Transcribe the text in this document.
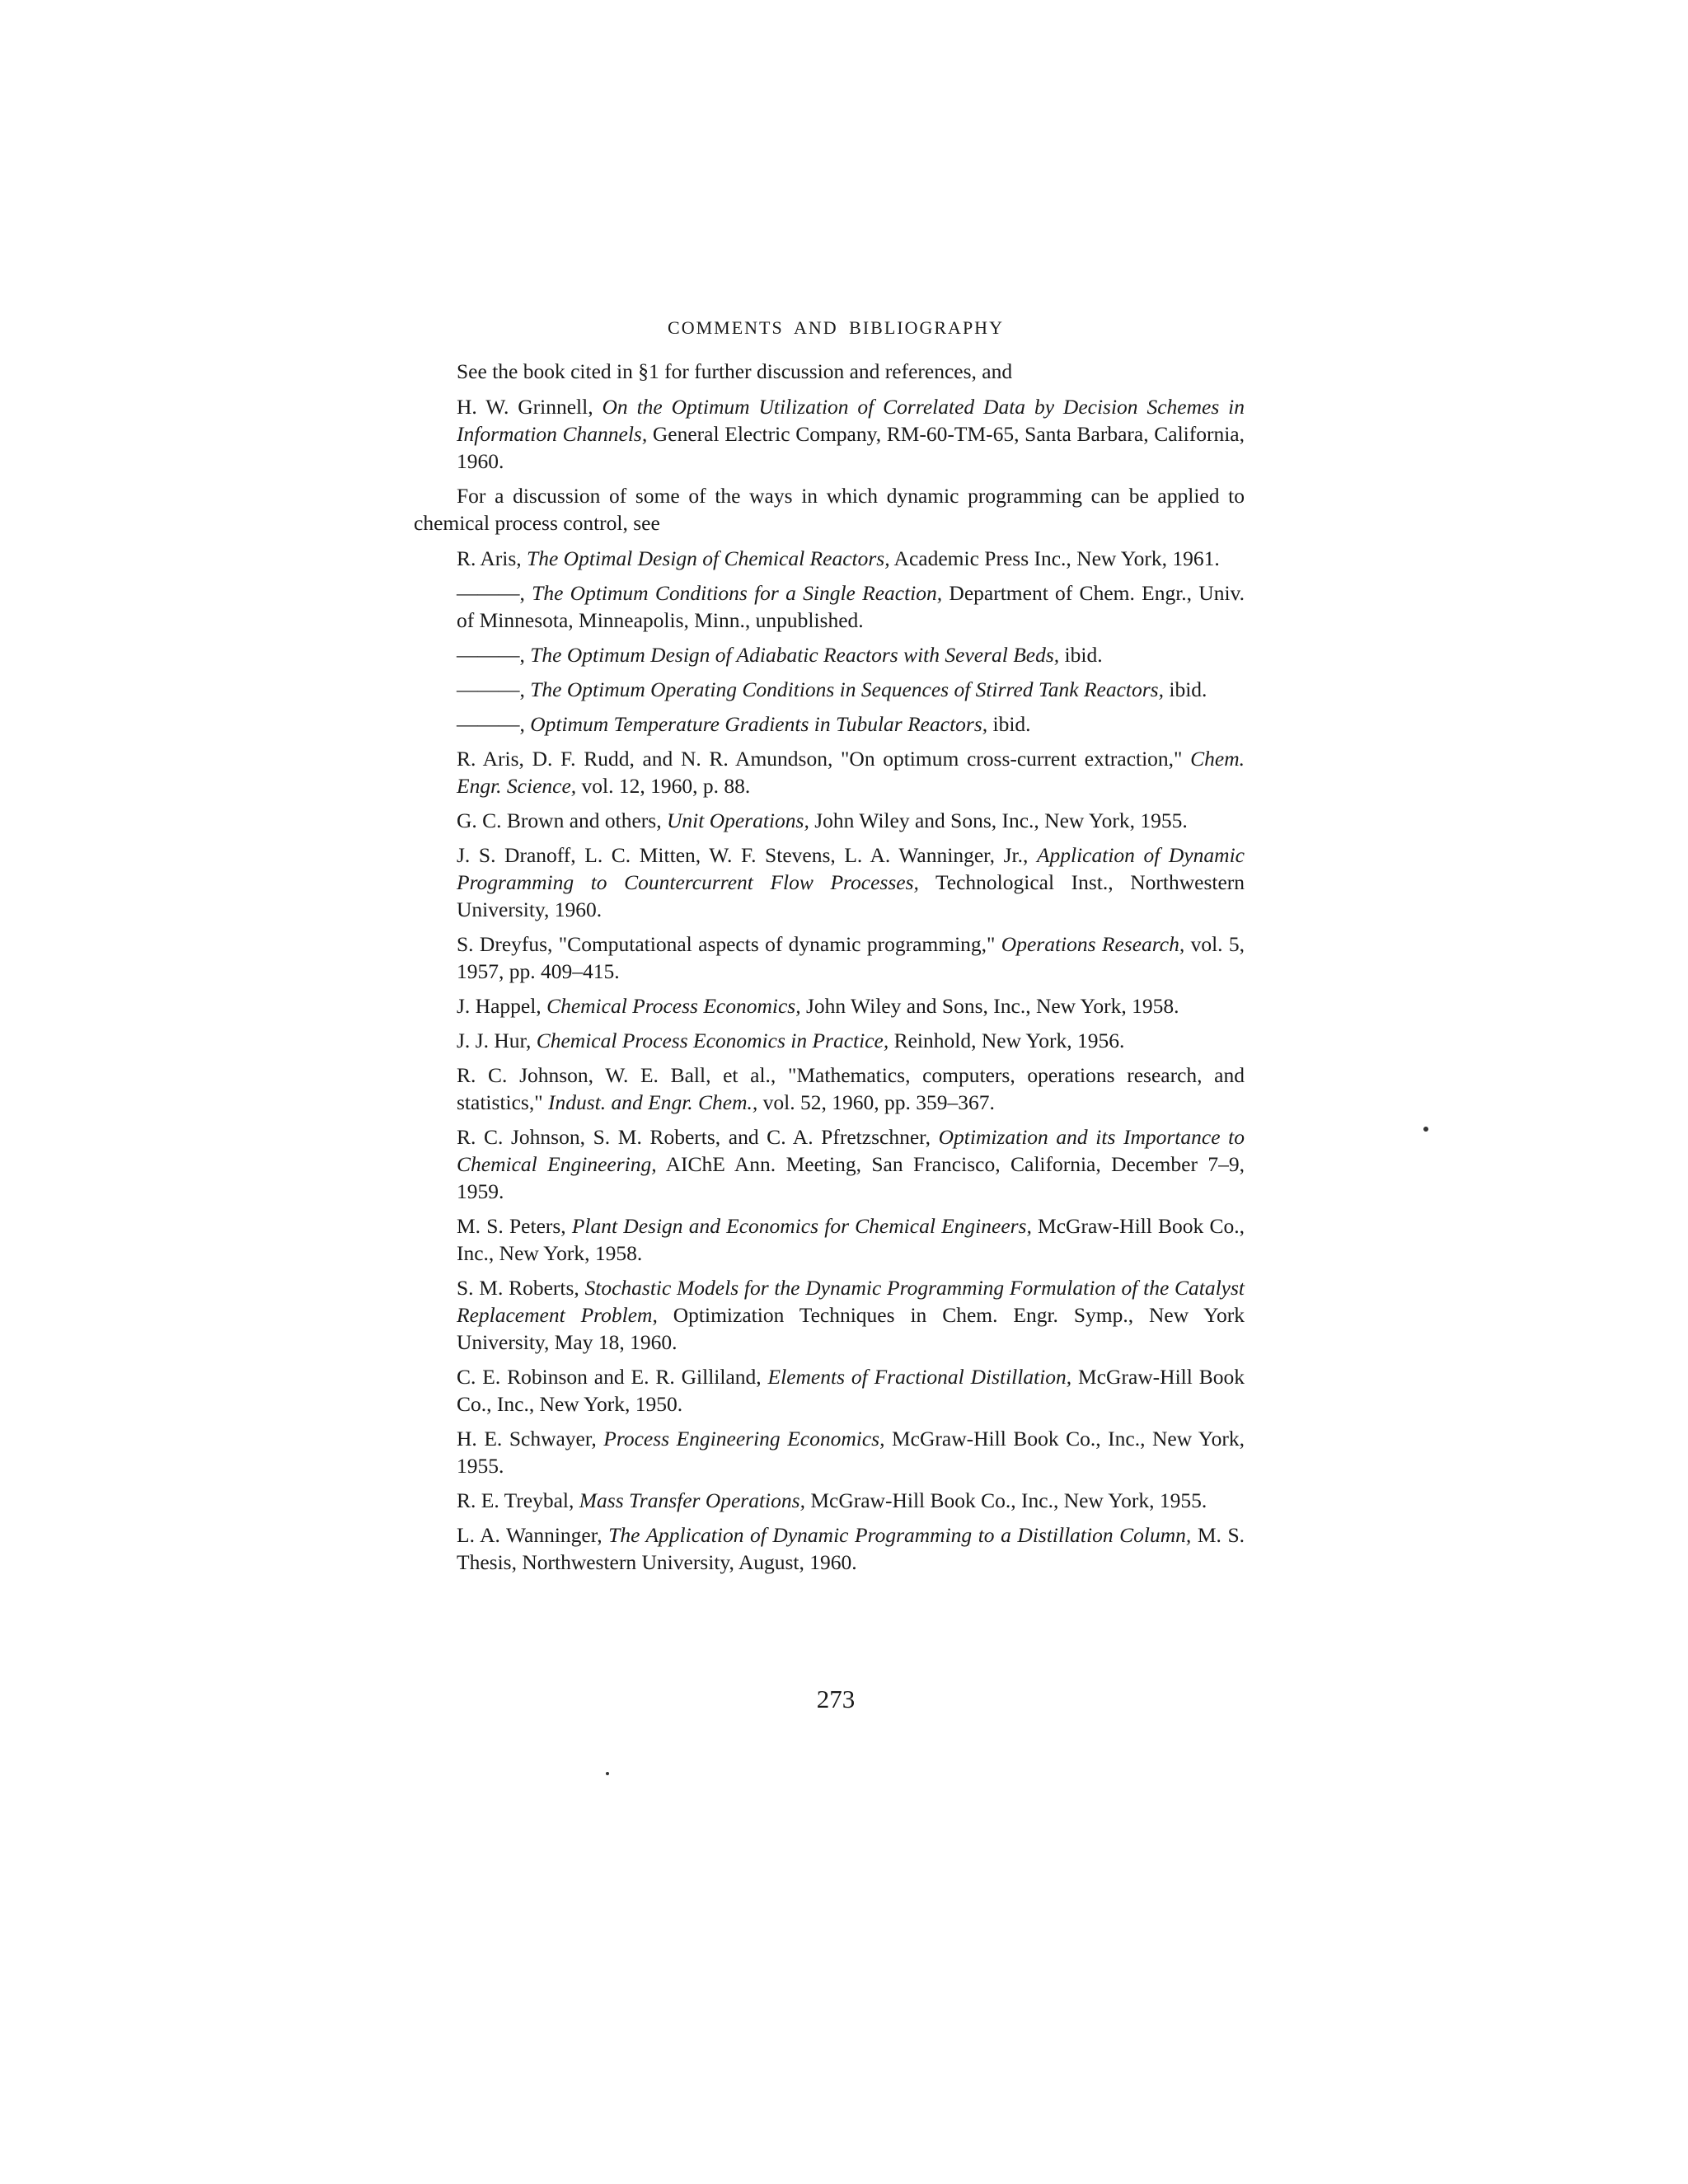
COMMENTS AND BIBLIOGRAPHY

See the book cited in §1 for further discussion and references, and

H. W. Grinnell, On the Optimum Utilization of Correlated Data by Decision Schemes in Information Channels, General Electric Company, RM-60-TM-65, Santa Barbara, California, 1960.

For a discussion of some of the ways in which dynamic programming can be applied to chemical process control, see

R. Aris, The Optimal Design of Chemical Reactors, Academic Press Inc., New York, 1961.

———, The Optimum Conditions for a Single Reaction, Department of Chem. Engr., Univ. of Minnesota, Minneapolis, Minn., unpublished.

———, The Optimum Design of Adiabatic Reactors with Several Beds, ibid.

———, The Optimum Operating Conditions in Sequences of Stirred Tank Reactors, ibid.

———, Optimum Temperature Gradients in Tubular Reactors, ibid.

R. Aris, D. F. Rudd, and N. R. Amundson, "On optimum cross-current extraction," Chem. Engr. Science, vol. 12, 1960, p. 88.

G. C. Brown and others, Unit Operations, John Wiley and Sons, Inc., New York, 1955.

J. S. Dranoff, L. C. Mitten, W. F. Stevens, L. A. Wanninger, Jr., Application of Dynamic Programming to Countercurrent Flow Processes, Technological Inst., Northwestern University, 1960.

S. Dreyfus, "Computational aspects of dynamic programming," Operations Research, vol. 5, 1957, pp. 409–415.

J. Happel, Chemical Process Economics, John Wiley and Sons, Inc., New York, 1958.

J. J. Hur, Chemical Process Economics in Practice, Reinhold, New York, 1956.

R. C. Johnson, W. E. Ball, et al., "Mathematics, computers, operations research, and statistics," Indust. and Engr. Chem., vol. 52, 1960, pp. 359–367.

R. C. Johnson, S. M. Roberts, and C. A. Pfretzschner, Optimization and its Importance to Chemical Engineering, AIChE Ann. Meeting, San Francisco, California, December 7–9, 1959.

M. S. Peters, Plant Design and Economics for Chemical Engineers, McGraw-Hill Book Co., Inc., New York, 1958.

S. M. Roberts, Stochastic Models for the Dynamic Programming Formulation of the Catalyst Replacement Problem, Optimization Techniques in Chem. Engr. Symp., New York University, May 18, 1960.

C. E. Robinson and E. R. Gilliland, Elements of Fractional Distillation, McGraw-Hill Book Co., Inc., New York, 1950.

H. E. Schwayer, Process Engineering Economics, McGraw-Hill Book Co., Inc., New York, 1955.

R. E. Treybal, Mass Transfer Operations, McGraw-Hill Book Co., Inc., New York, 1955.

L. A. Wanninger, The Application of Dynamic Programming to a Distillation Column, M. S. Thesis, Northwestern University, August, 1960.

273
